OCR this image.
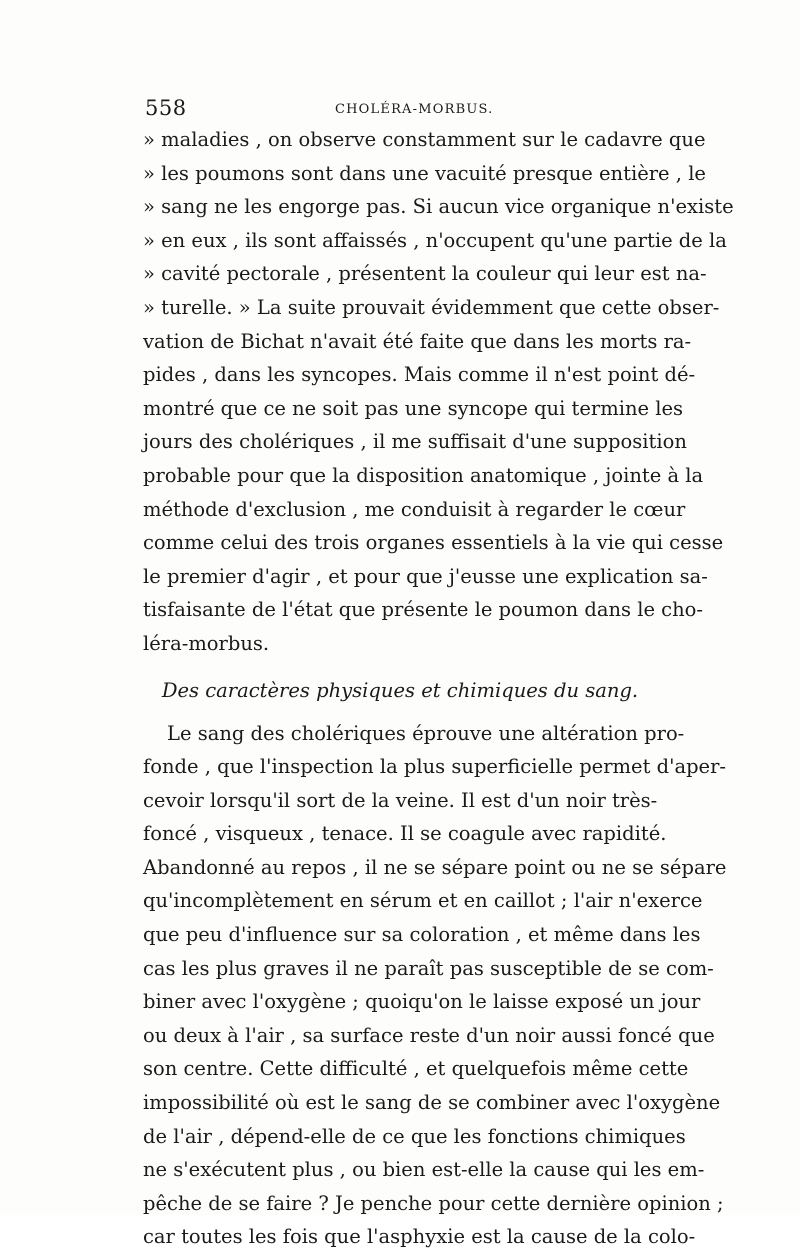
558	CHOLÉRA-MORBUS.
» maladies , on observe constamment sur le cadavre que
» les poumons sont dans une vacuité presque entière , le
» sang ne les engorge pas. Si aucun vice organique n'existe
» en eux , ils sont affaissés , n'occupent qu'une partie de la
» cavité pectorale , présentent la couleur qui leur est na-
» turelle. » La suite prouvait évidemment que cette obser-
vation de Bichat n'avait été faite que dans les morts ra-
pides , dans les syncopes. Mais comme il n'est point dé-
montré que ce ne soit pas une syncope qui termine les
jours des cholériques , il me suffisait d'une supposition
probable pour que la disposition anatomique , jointe à la
méthode d'exclusion , me conduisit à regarder le cœur
comme celui des trois organes essentiels à la vie qui cesse
le premier d'agir , et pour que j'eusse une explication sa-
tisfaisante de l'état que présente le poumon dans le cho-
léra-morbus.
Des caractères physiques et chimiques du sang.
Le sang des cholériques éprouve une altération pro-
fonde , que l'inspection la plus superficielle permet d'aper-
cevoir lorsqu'il sort de la veine. Il est d'un noir très-
foncé , visqueux , tenace. Il se coagule avec rapidité.
Abandonné au repos , il ne se sépare point ou ne se sépare
qu'incomplètement en sérum et en caillot ; l'air n'exerce
que peu d'influence sur sa coloration , et même dans les
cas les plus graves il ne paraît pas susceptible de se com-
biner avec l'oxygène ; quoiqu'on le laisse exposé un jour
ou deux à l'air , sa surface reste d'un noir aussi foncé que
son centre. Cette difficulté , et quelquefois même cette
impossibilité où est le sang de se combiner avec l'oxygène
de l'air , dépend-elle de ce que les fonctions chimiques
ne s'exécutent plus , ou bien est-elle la cause qui les em-
pêche de se faire ? Je penche pour cette dernière opinion ;
car toutes les fois que l'asphyxie est la cause de la colo-
